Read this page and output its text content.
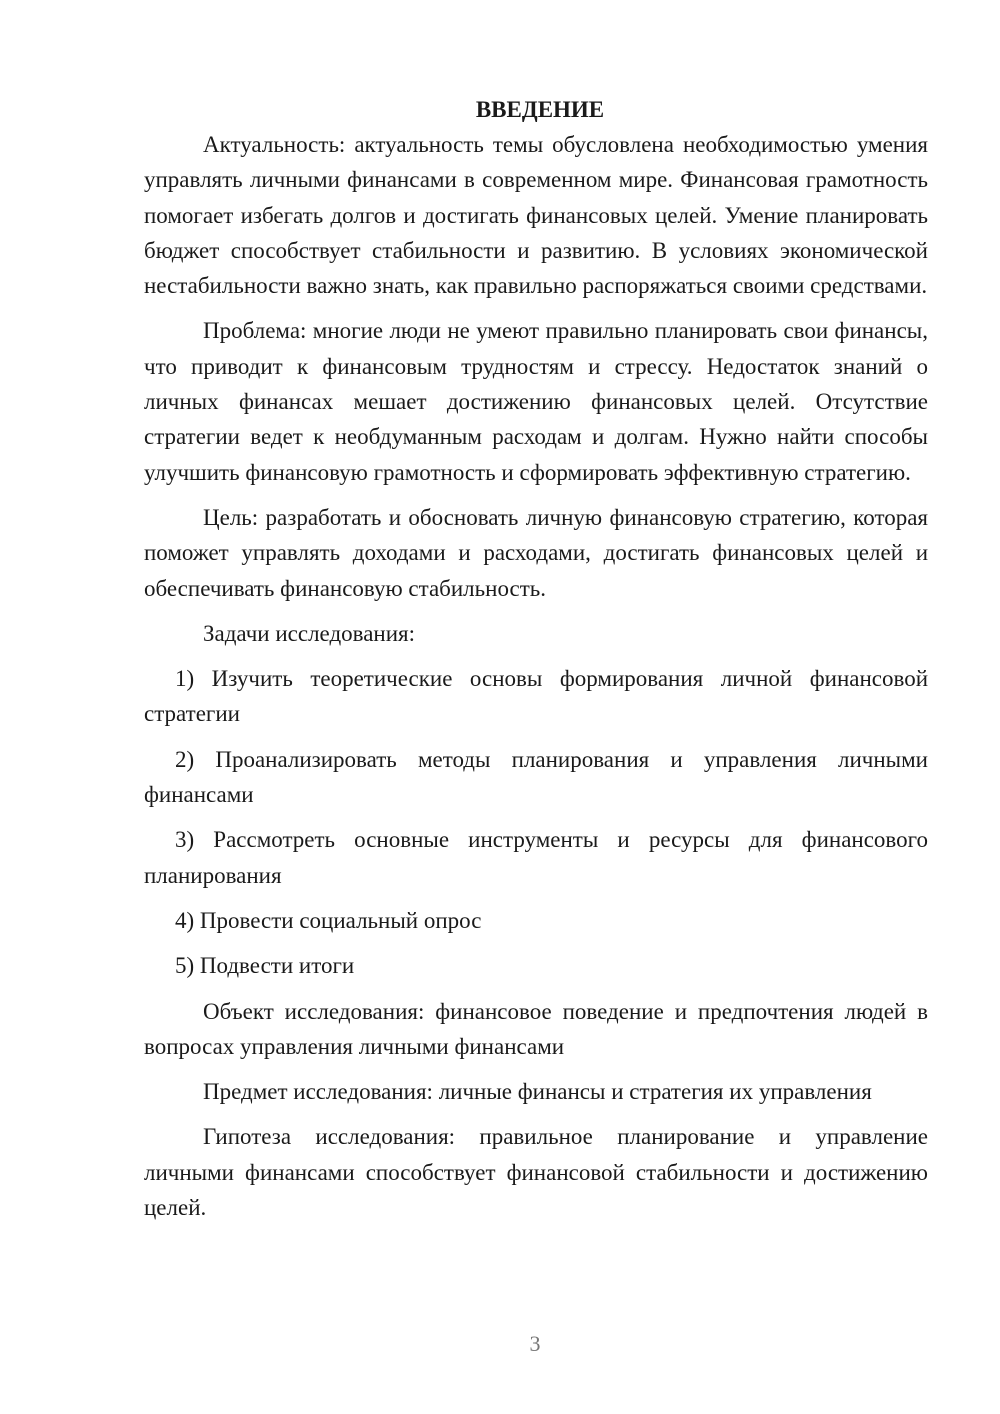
ВВЕДЕНИЕ

Актуальность: актуальность темы обусловлена необходимостью умения управлять личными финансами в современном мире. Финансовая грамотность помогает избегать долгов и достигать финансовых целей. Умение планировать бюджет способствует стабильности и развитию. В условиях экономической нестабильности важно знать, как правильно распоряжаться своими средствами.

Проблема: многие люди не умеют правильно планировать свои финансы, что приводит к финансовым трудностям и стрессу. Недостаток знаний о личных финансах мешает достижению финансовых целей. Отсутствие стратегии ведет к необдуманным расходам и долгам. Нужно найти способы улучшить финансовую грамотность и сформировать эффективную стратегию.

Цель: разработать и обосновать личную финансовую стратегию, которая поможет управлять доходами и расходами, достигать финансовых целей и обеспечивать финансовую стабильность.

Задачи исследования:

1) Изучить теоретические основы формирования личной финансовой стратегии

2) Проанализировать методы планирования и управления личными финансами

3) Рассмотреть основные инструменты и ресурсы для финансового планирования

4) Провести социальный опрос

5) Подвести итоги

Объект исследования: финансовое поведение и предпочтения людей в вопросах управления личными финансами

Предмет исследования: личные финансы и стратегия их управления

Гипотеза исследования: правильное планирование и управление личными финансами способствует финансовой стабильности и достижению целей.

3
